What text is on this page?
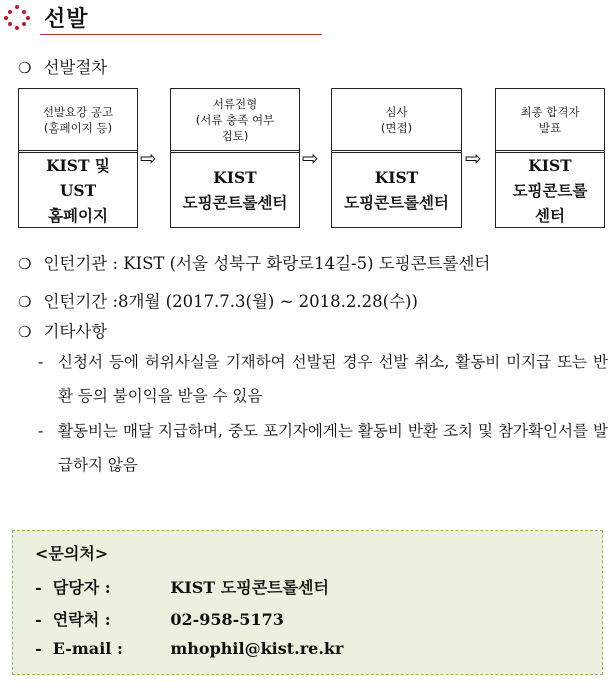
선발
❍ 선발절차
선발요강 공고
(홈페이지 등)
KIST 및
UST
홈페이지
⇨
서류전형
(서류 충족 여부
검토)
KIST
도핑콘트롤센터
⇨
심사
(면접)
KIST
도핑콘트롤센터
⇨
최종 합격자
발표
KIST
도핑콘트롤
센터
❍ 인턴기관 : KIST (서울 성북구 화랑로14길-5) 도핑콘트롤센터
❍ 인턴기간 :8개월 (2017.7.3(월) ~ 2018.2.28(수))
❍ 기타사항
- 신청서 등에 허위사실을 기재하여 선발된 경우 선발 취소, 활동비 미지급 또는 반환 등의 불이익을 받을 수 있음
- 활동비는 매달 지급하며, 중도 포기자에게는 활동비 반환 조치 및 참가확인서를 발급하지 않음
<문의처>
- 담당자 :	KIST 도핑콘트롤센터
- 연락처 :	02-958-5173
- E-mail :	mhophil@kist.re.kr
